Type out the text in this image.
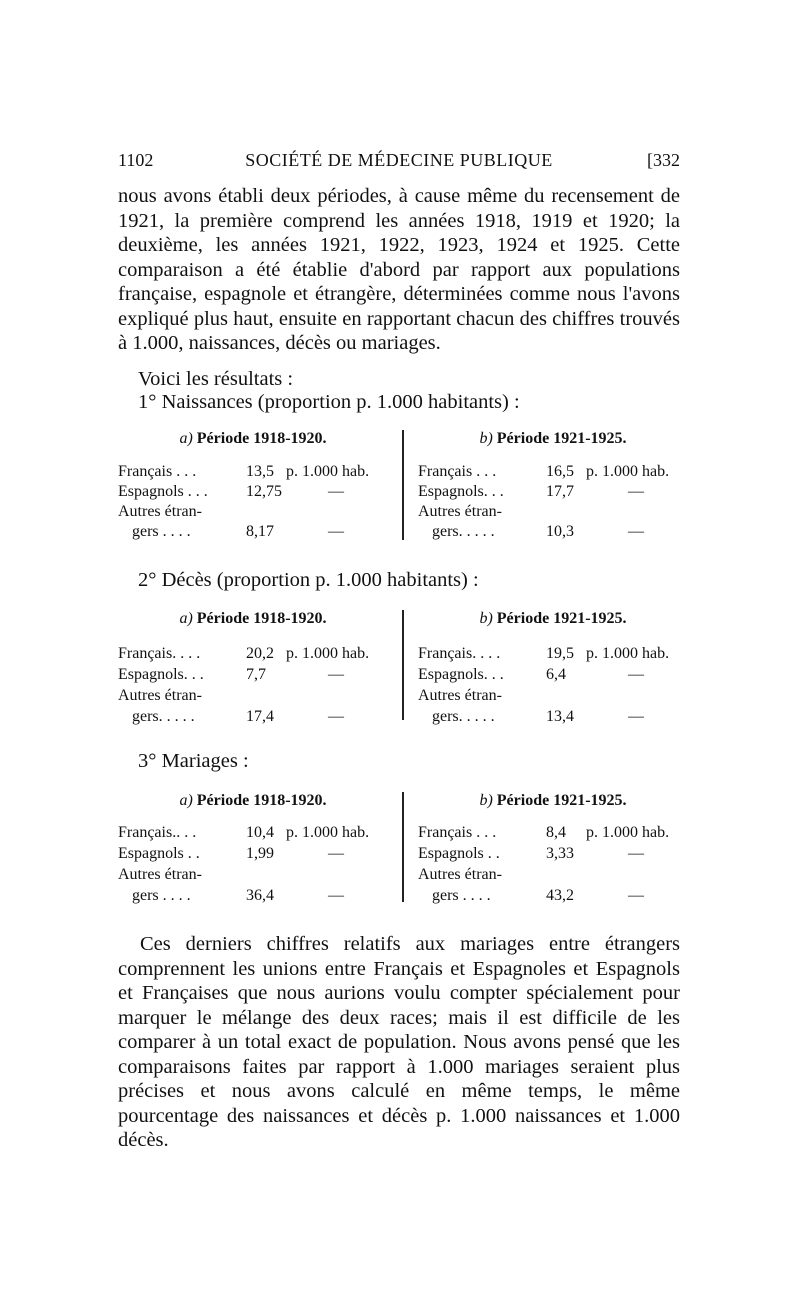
1102	SOCIÉTÉ DE MÉDECINE PUBLIQUE	[332
nous avons établi deux périodes, à cause même du recensement de 1921, la première comprend les années 1918, 1919 et 1920; la deuxième, les années 1921, 1922, 1923, 1924 et 1925. Cette comparaison a été établie d'abord par rapport aux populations française, espagnole et étrangère, déterminées comme nous l'avons expliqué plus haut, ensuite en rapportant chacun des chiffres trouvés à 1.000, naissances, décès ou mariages.
Voici les résultats :
1° Naissances (proportion p. 1.000 habitants) :
a) Période 1918-1920.
Français . . .	13,5 p. 1.000 hab.
Espagnols . . . 12,75	—
Autres étran-
gers . . . .	8,17	—
b) Période 1921-1925.
Français . . .	16,5 p. 1.000 hab.
Espagnols. . .	17,7	—
Autres étran-
gers. . . . .	10,3	—
2° Décès (proportion p. 1.000 habitants) :
a) Période 1918-1920.
Français. . . .	20,2 p. 1.000 hab.
Espagnols. . .	7,7	—
Autres étran-
gers. . . . .	17,4	—
b) Période 1921-1925.
Français. . . .	19,5 p. 1.000 hab.
Espagnols. . .	6,4	—
Autres étran-
gers. . . . .	13,4	—
3° Mariages :
a) Période 1918-1920.
Français.. . .	10,4 p. 1.000 hab.
Espagnols . .	1,99	—
Autres étran-
gers . . . .	36,4	—
b) Période 1921-1925.
Français . . .	8,4 p. 1.000 hab.
Espagnols . .	3,33	—
Autres étran-
gers . . . .	43,2	—
Ces derniers chiffres relatifs aux mariages entre étrangers comprennent les unions entre Français et Espagnoles et Espagnols et Françaises que nous aurions voulu compter spécialement pour marquer le mélange des deux races; mais il est difficile de les comparer à un total exact de population. Nous avons pensé que les comparaisons faites par rapport à 1.000 mariages seraient plus précises et nous avons calculé en même temps, le même pourcentage des naissances et décès p. 1.000 naissances et 1.000 décès.
